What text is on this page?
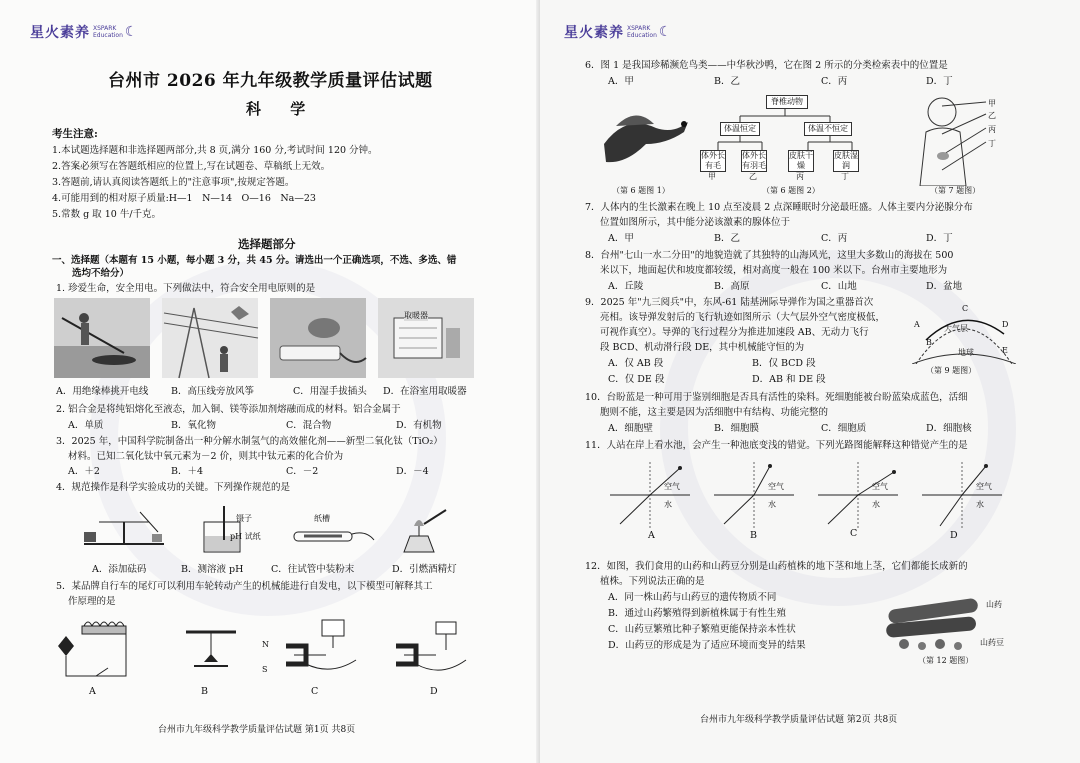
星火素养 XSPARK
Education ☾
台州市 2026 年九年级教学质量评估试题
科 学
考生注意:
1.本试题选择题和非选择题两部分,共 8 页,满分 160 分,考试时间 120 分钟。
2.答案必须写在答题纸相应的位置上,写在试题卷、草稿纸上无效。
3.答题前,请认真阅读答题纸上的"注意事项",按规定答题。
4.可能用到的相对原子质量:H—1　N—14　O—16　Na—23
5.常数 g 取 10 牛/千克。
选择题部分
一、选择题（本题有 15 小题，每小题 3 分，共 45 分。请选出一个正确选项，不选、多选、错
选均不给分）
1. 珍爱生命，安全用电。下列做法中，符合安全用电原则的是
取暖器
A．用绝缘棒挑开电线 B．高压线旁放风筝	C．用湿手拔插头 D．在浴室用取暖器
2. 铝合金是将纯铝熔化至液态，加入铜、镁等添加剂熔融而成的材料。铝合金属于
A．单质	B．氧化物	C．混合物	D．有机物
3．2025 年，中国科学院制备出一种分解水制氢气的高效催化剂——新型二氧化钛（TiO₂）
材料。已知二氧化钛中氧元素为－2 价，则其中钛元素的化合价为
A．＋2	B．＋4	C．－2	D．－4
4．规范操作是科学实验成功的关键。下列操作规范的是
镊子
pH 试纸
纸槽
A．添加砝码	B．测溶液 pH	C．往试管中装粉末	D．引燃酒精灯
5．某品牌自行车的尾灯可以利用车轮转动产生的机械能进行自发电，以下模型可解释其工
作原理的是
N
S
A	B	C	D
台州市九年级科学教学质量评估试题 第1页 共8页
星火素养 XSPARK
Education ☾
6．图 1 是我国珍稀濒危鸟类——中华秋沙鸭，它在图 2 所示的分类检索表中的位置是
A．甲	B．乙	C．丙	D．丁
脊椎动物
体温恒定	体温不恒定
体外长有毛
体外长有羽毛
皮肤干燥
皮肤湿润
甲	乙	丙	丁
（第 6 题图 1）	（第 6 题图 2）
甲
乙
丙
丁
（第 7 题图）
7．人体内的生长激素在晚上 10 点至凌晨 2 点深睡眠时分泌最旺盛。人体主要内分泌腺分布
位置如图所示，其中能分泌该激素的腺体位于
A．甲	B．乙	C．丙	D．丁
8．台州"七山一水二分田"的地貌造就了其独特的山海风光，这里大多数山的海拔在 500
米以下，地面起伏和坡度都较缓，相对高度一般在 100 米以下。台州市主要地形为
A．丘陵	B．高原	C．山地	D．盆地
9．2025 年"九三阅兵"中，东风-61 陆基洲际导弹作为国之重器首次
亮相。该导弹发射后的飞行轨迹如图所示（大气层外空气密度极低，
可视作真空）。导弹的飞行过程分为推进加速段 AB、无动力飞行
段 BCD、机动滑行段 DE，其中机械能守恒的为
A．仅 AB 段	B．仅 BCD 段
C．仅 DE 段	D．AB 和 DE 段
A
B
C
D
E
大气层
地球
（第 9 题图）
10．台盼蓝是一种可用于鉴别细胞是否具有活性的染料。死细胞能被台盼蓝染成蓝色，活细
胞则不能，这主要是因为活细胞中有结构、功能完整的
A．细胞壁	B．细胞膜	C．细胞质	D．细胞核
11．人站在岸上看水池，会产生一种池底变浅的错觉。下列光路图能解释这种错觉产生的是
空气
水
空气
水
空气
水
空气
水
A	B	C	D
12．如图，我们食用的山药和山药豆分别是山药植株的地下茎和地上茎，它们都能长成新的
植株。下列说法正确的是
A．同一株山药与山药豆的遗传物质不同
B．通过山药繁殖得到新植株属于有性生殖
C．山药豆繁殖比种子繁殖更能保持亲本性状
D．山药豆的形成是为了适应环境而变异的结果
山药
山药豆
（第 12 题图）
台州市九年级科学教学质量评估试题 第2页 共8页
